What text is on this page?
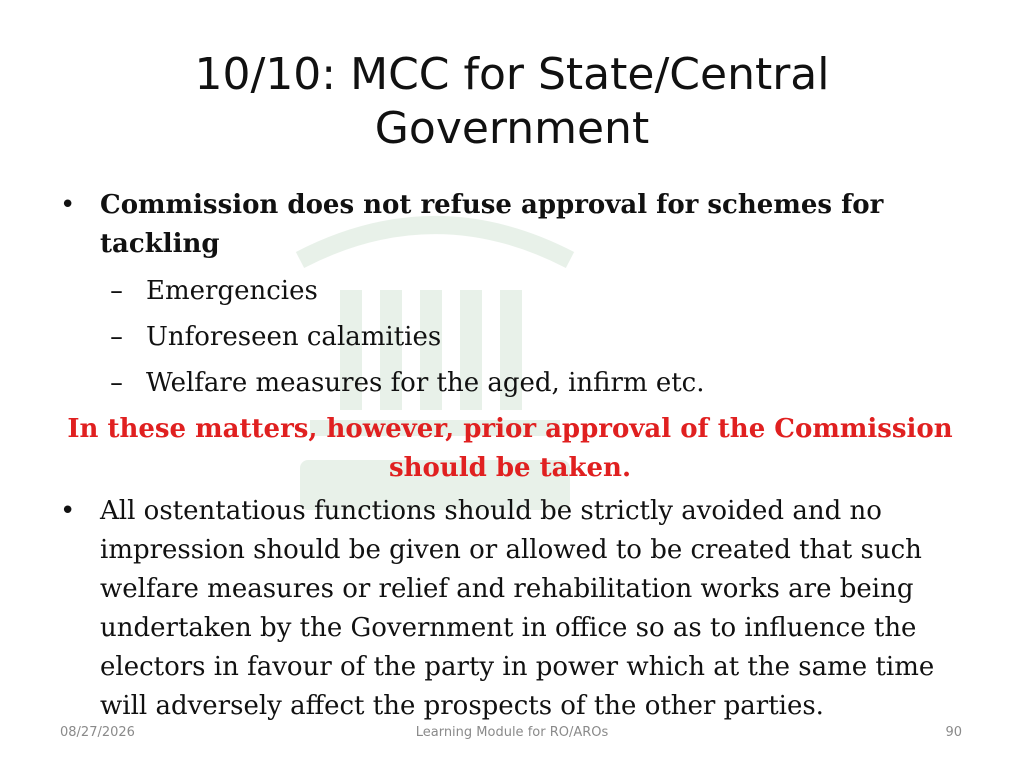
10/10: MCC for State/Central Government
• Commission does not refuse approval for schemes for tackling
– Emergencies
– Unforeseen calamities
– Welfare measures for the aged, infirm etc.
In these matters, however, prior approval of the Commission should be taken.
• All ostentatious functions should be strictly avoided and no impression should be given or allowed to be created that such welfare measures or relief and rehabilitation works are being undertaken by the Government in office so as to influence the electors in favour of the party in power which at the same time will adversely affect the prospects of the other parties.
08/27/2026	Learning Module for RO/AROs	90
